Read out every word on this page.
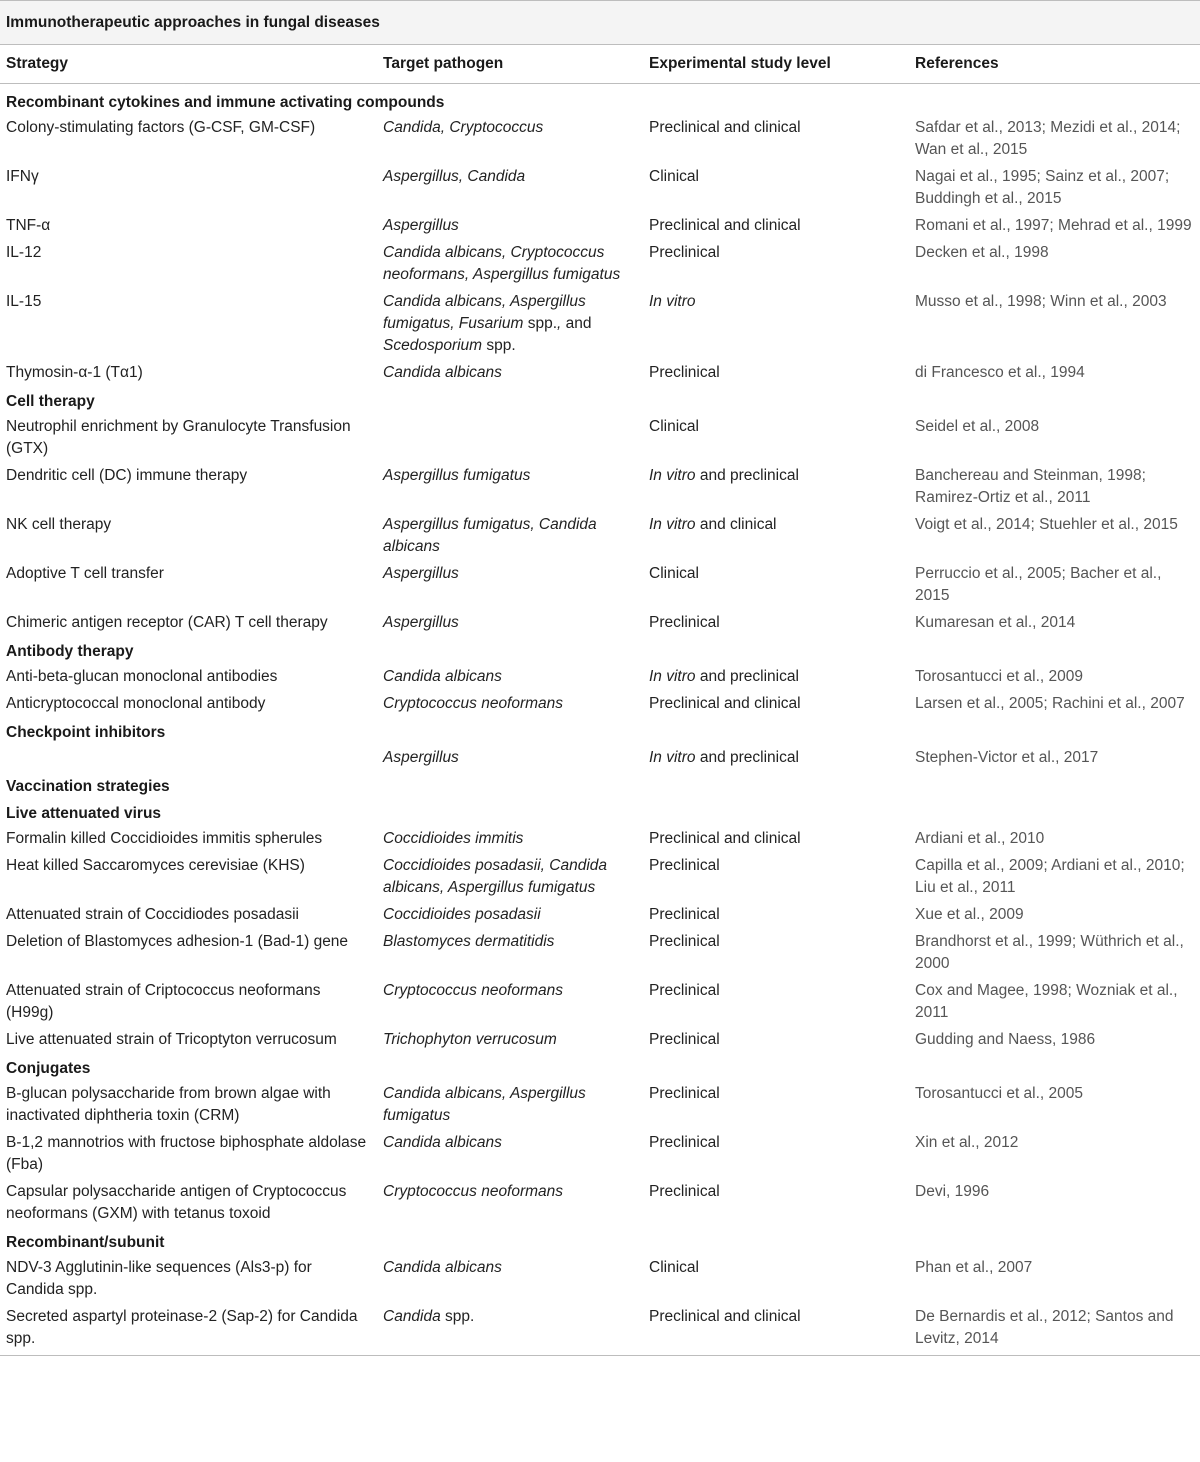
Immunotherapeutic approaches in fungal diseases
Strategy	Target pathogen	Experimental study level	References
Recombinant cytokines and immune activating compounds			
Colony-stimulating factors (G-CSF, GM-CSF)	Candida, Cryptococcus	Preclinical and clinical	Safdar et al., 2013; Mezidi et al., 2014; Wan et al., 2015
IFNγ	Aspergillus, Candida	Clinical	Nagai et al., 1995; Sainz et al., 2007; Buddingh et al., 2015
TNF-α	Aspergillus	Preclinical and clinical	Romani et al., 1997; Mehrad et al., 1999
IL-12	Candida albicans, Cryptococcus neoformans, Aspergillus fumigatus	Preclinical	Decken et al., 1998
IL-15	Candida albicans, Aspergillus fumigatus, Fusarium spp., and Scedosporium spp.	In vitro	Musso et al., 1998; Winn et al., 2003
Thymosin-α-1 (Tα1)	Candida albicans	Preclinical	di Francesco et al., 1994
Cell therapy			
Neutrophil enrichment by Granulocyte Transfusion (GTX)		Clinical	Seidel et al., 2008
Dendritic cell (DC) immune therapy	Aspergillus fumigatus	In vitro and preclinical	Banchereau and Steinman, 1998; Ramirez-Ortiz et al., 2011
NK cell therapy	Aspergillus fumigatus, Candida albicans	In vitro and clinical	Voigt et al., 2014; Stuehler et al., 2015
Adoptive T cell transfer	Aspergillus	Clinical	Perruccio et al., 2005; Bacher et al., 2015
Chimeric antigen receptor (CAR) T cell therapy	Aspergillus	Preclinical	Kumaresan et al., 2014
Antibody therapy			
Anti-beta-glucan monoclonal antibodies	Candida albicans	In vitro and preclinical	Torosantucci et al., 2009
Anticryptococcal monoclonal antibody	Cryptococcus neoformans	Preclinical and clinical	Larsen et al., 2005; Rachini et al., 2007
Checkpoint inhibitors			
	Aspergillus	In vitro and preclinical	Stephen-Victor et al., 2017
Vaccination strategies			
Live attenuated virus			
Formalin killed Coccidioides immitis spherules	Coccidioides immitis	Preclinical and clinical	Ardiani et al., 2010
Heat killed Saccaromyces cerevisiae (KHS)	Coccidioides posadasii, Candida albicans, Aspergillus fumigatus	Preclinical	Capilla et al., 2009; Ardiani et al., 2010; Liu et al., 2011
Attenuated strain of Coccidiodes posadasii	Coccidioides posadasii	Preclinical	Xue et al., 2009
Deletion of Blastomyces adhesion-1 (Bad-1) gene	Blastomyces dermatitidis	Preclinical	Brandhorst et al., 1999; Wüthrich et al., 2000
Attenuated strain of Criptococcus neoformans (H99g)	Cryptococcus neoformans	Preclinical	Cox and Magee, 1998; Wozniak et al., 2011
Live attenuated strain of Tricoptyton verrucosum	Trichophyton verrucosum	Preclinical	Gudding and Naess, 1986
Conjugates			
B-glucan polysaccharide from brown algae with inactivated diphtheria toxin (CRM)	Candida albicans, Aspergillus fumigatus	Preclinical	Torosantucci et al., 2005
B-1,2 mannotrios with fructose biphosphate aldolase (Fba)	Candida albicans	Preclinical	Xin et al., 2012
Capsular polysaccharide antigen of Cryptococcus neoformans (GXM) with tetanus toxoid	Cryptococcus neoformans	Preclinical	Devi, 1996
Recombinant/subunit			
NDV-3 Agglutinin-like sequences (Als3-p) for Candida spp.	Candida albicans	Clinical	Phan et al., 2007
Secreted aspartyl proteinase-2 (Sap-2) for Candida spp.	Candida spp.	Preclinical and clinical	De Bernardis et al., 2012; Santos and Levitz, 2014
